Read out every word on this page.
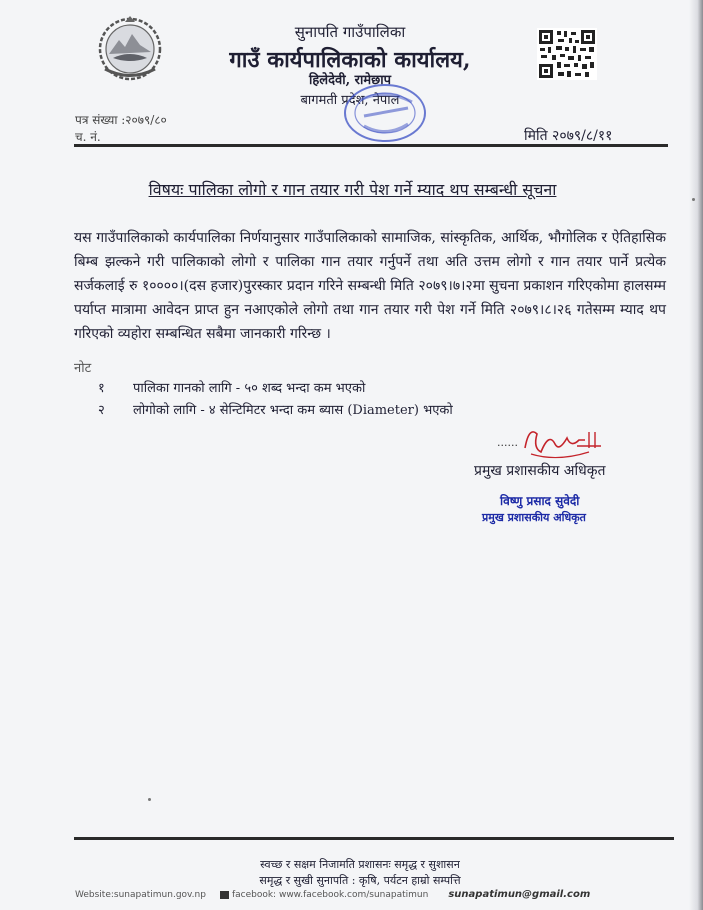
सुनापति गाउँपालिका
गाउँ कार्यपालिकाको कार्यालय,
हिलेदेवी, रामेछाप
बागमती प्रदेश, नेपाल
पत्र संख्या :२०७९/८०
च. नं.	मिति २०७९/८/११
विषयः पालिका लोगो र गान तयार गरी पेश गर्ने म्याद थप सम्बन्धी सूचना
यस गाउँपालिकाको कार्यपालिका निर्णयानुसार गाउँपालिकाको सामाजिक, सांस्कृतिक, आर्थिक, भौगोलिक र ऐतिहासिक बिम्ब झल्कने गरी पालिकाको लोगो र पालिका गान तयार गर्नुपर्ने तथा अति उत्तम लोगो र गान तयार पार्ने प्रत्येक सर्जकलाई रु १००००।(दस हजार)पुरस्कार प्रदान गरिने सम्बन्धी मिति २०७९।७।२मा सुचना प्रकाशन गरिएकोमा हालसम्म पर्याप्त मात्रामा आवेदन प्राप्त हुन नआएकोले लोगो तथा गान तयार गरी पेश गर्ने मिति २०७९।८।२६ गतेसम्म म्याद थप गरिएको व्यहोरा सम्बन्धित सबैमा जानकारी गरिन्छ ।
नोट
१ पालिका गानको लागि - ५० शब्द भन्दा कम भएको
२ लोगोको लागि - ४ सेन्टिमिटर भन्दा कम ब्यास (Diameter) भएको
......
प्रमुख प्रशासकीय अधिकृत
विष्णु प्रसाद सुवेदी
प्रमुख प्रशासकीय अधिकृत
स्वच्छ र सक्षम निजामति प्रशासनः समृद्ध र सुशासन
समृद्ध र सुखी सुनापति : कृषि, पर्यटन हाम्रो सम्पत्ति
Website:sunapatimun.gov.np	facebook: www.facebook.com/sunapatimun sunapatimun@gmail.com
